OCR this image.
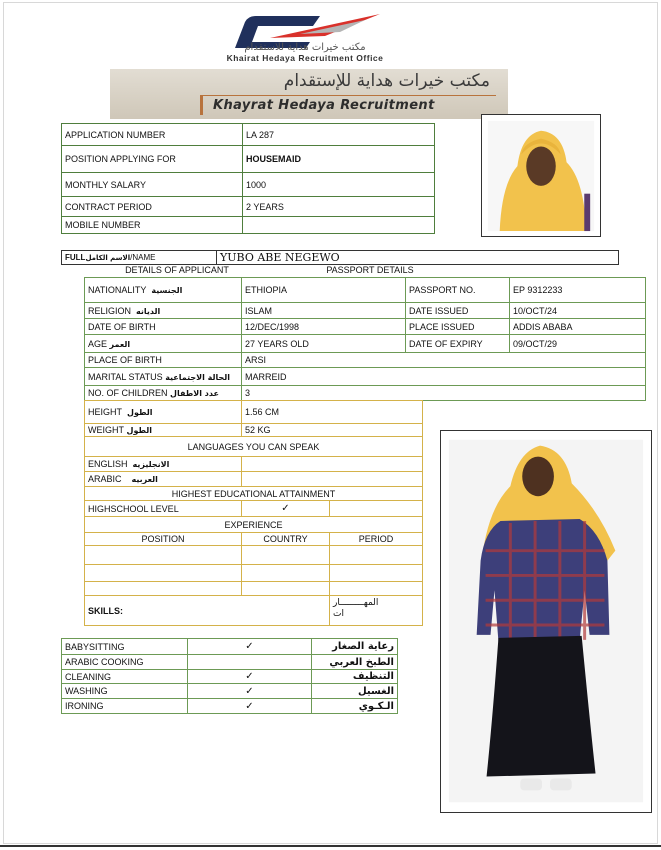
مكتب خيرات هداية للاستقدام
Khairat Hedaya Recruitment Office
مكتب خيرات هداية للإستقدام
Khayrat Hedaya Recruitment
APPLICATION NUMBER	LA 287
POSITION APPLYING FOR	HOUSEMAID
MONTHLY SALARY	1000
CONTRACT PERIOD	2 YEARS
MOBILE NUMBER	
FULLالاسم الكامل/NAME	YUBO ABE NEGEWO
DETAILS OF APPLICANT	PASSPORT DETAILS
NATIONALITY الجنسية	ETHIOPIA	PASSPORT NO.	EP 9312233
RELIGION الديانه	ISLAM	DATE ISSUED	10/OCT/24
DATE OF BIRTH	12/DEC/1998	PLACE ISSUED	ADDIS ABABA
AGE العمر	27 YEARS OLD	DATE OF EXPIRY	09/OCT/29
PLACE OF BIRTH	ARSI		
MARITAL STATUS الحالة الاجتماعية	MARREID		
NO. OF CHILDREN عدد الاطفال	3		
HEIGHT الطول	1.56 CM	
WEIGHT الطول	52 KG	
LANGUAGES YOU CAN SPEAK		
ENGLISH الانجليزيه		
ARABIC العربيه		
HIGHEST EDUCATIONAL ATTAINMENT		
HIGHSCHOOL LEVEL	✓	
EXPERIENCE		
POSITION	COUNTRY	PERIOD

SKILLS:		المهـــــــــار
ات
BABYSITTING	✓	رعاية الصغار
ARABIC COOKING		الطبخ العربي
CLEANING	✓	التنظيف
WASHING	✓	الغسيل
IRONING	✓	الـكـوي
